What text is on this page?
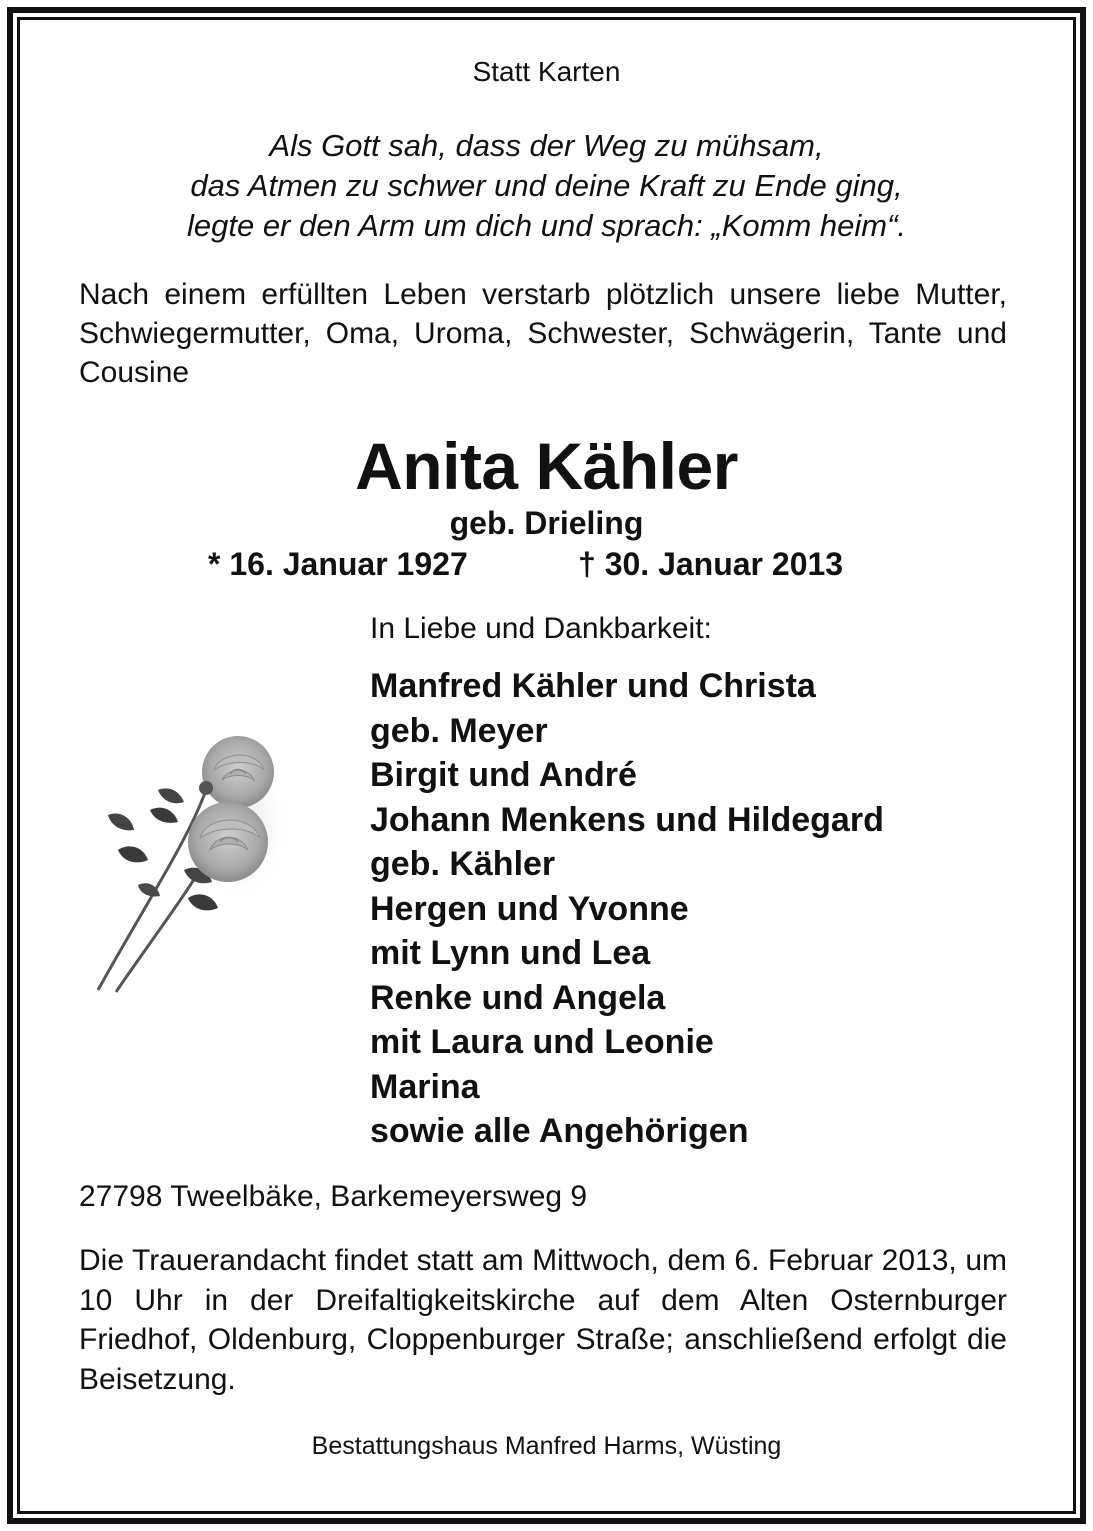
Statt Karten
Als Gott sah, dass der Weg zu mühsam,
das Atmen zu schwer und deine Kraft zu Ende ging,
legte er den Arm um dich und sprach: „Komm heim“.
Nach einem erfüllten Leben verstarb plötzlich unsere liebe Mutter, Schwiegermutter, Oma, Uroma, Schwester, Schwägerin, Tante und Cousine
Anita Kähler
geb. Drieling
* 16. Januar 1927	† 30. Januar 2013
In Liebe und Dankbarkeit:
Manfred Kähler und Christa
geb. Meyer
Birgit und André
Johann Menkens und Hildegard
geb. Kähler
Hergen und Yvonne
mit Lynn und Lea
Renke und Angela
mit Laura und Leonie
Marina
sowie alle Angehörigen
27798 Tweelbäke, Barkemeyersweg 9
Die Trauerandacht findet statt am Mittwoch, dem 6. Februar 2013, um 10 Uhr in der Dreifaltigkeitskirche auf dem Alten Osternburger Friedhof, Oldenburg, Cloppenburger Straße; anschließend erfolgt die Beisetzung.
Bestattungshaus Manfred Harms, Wüsting
